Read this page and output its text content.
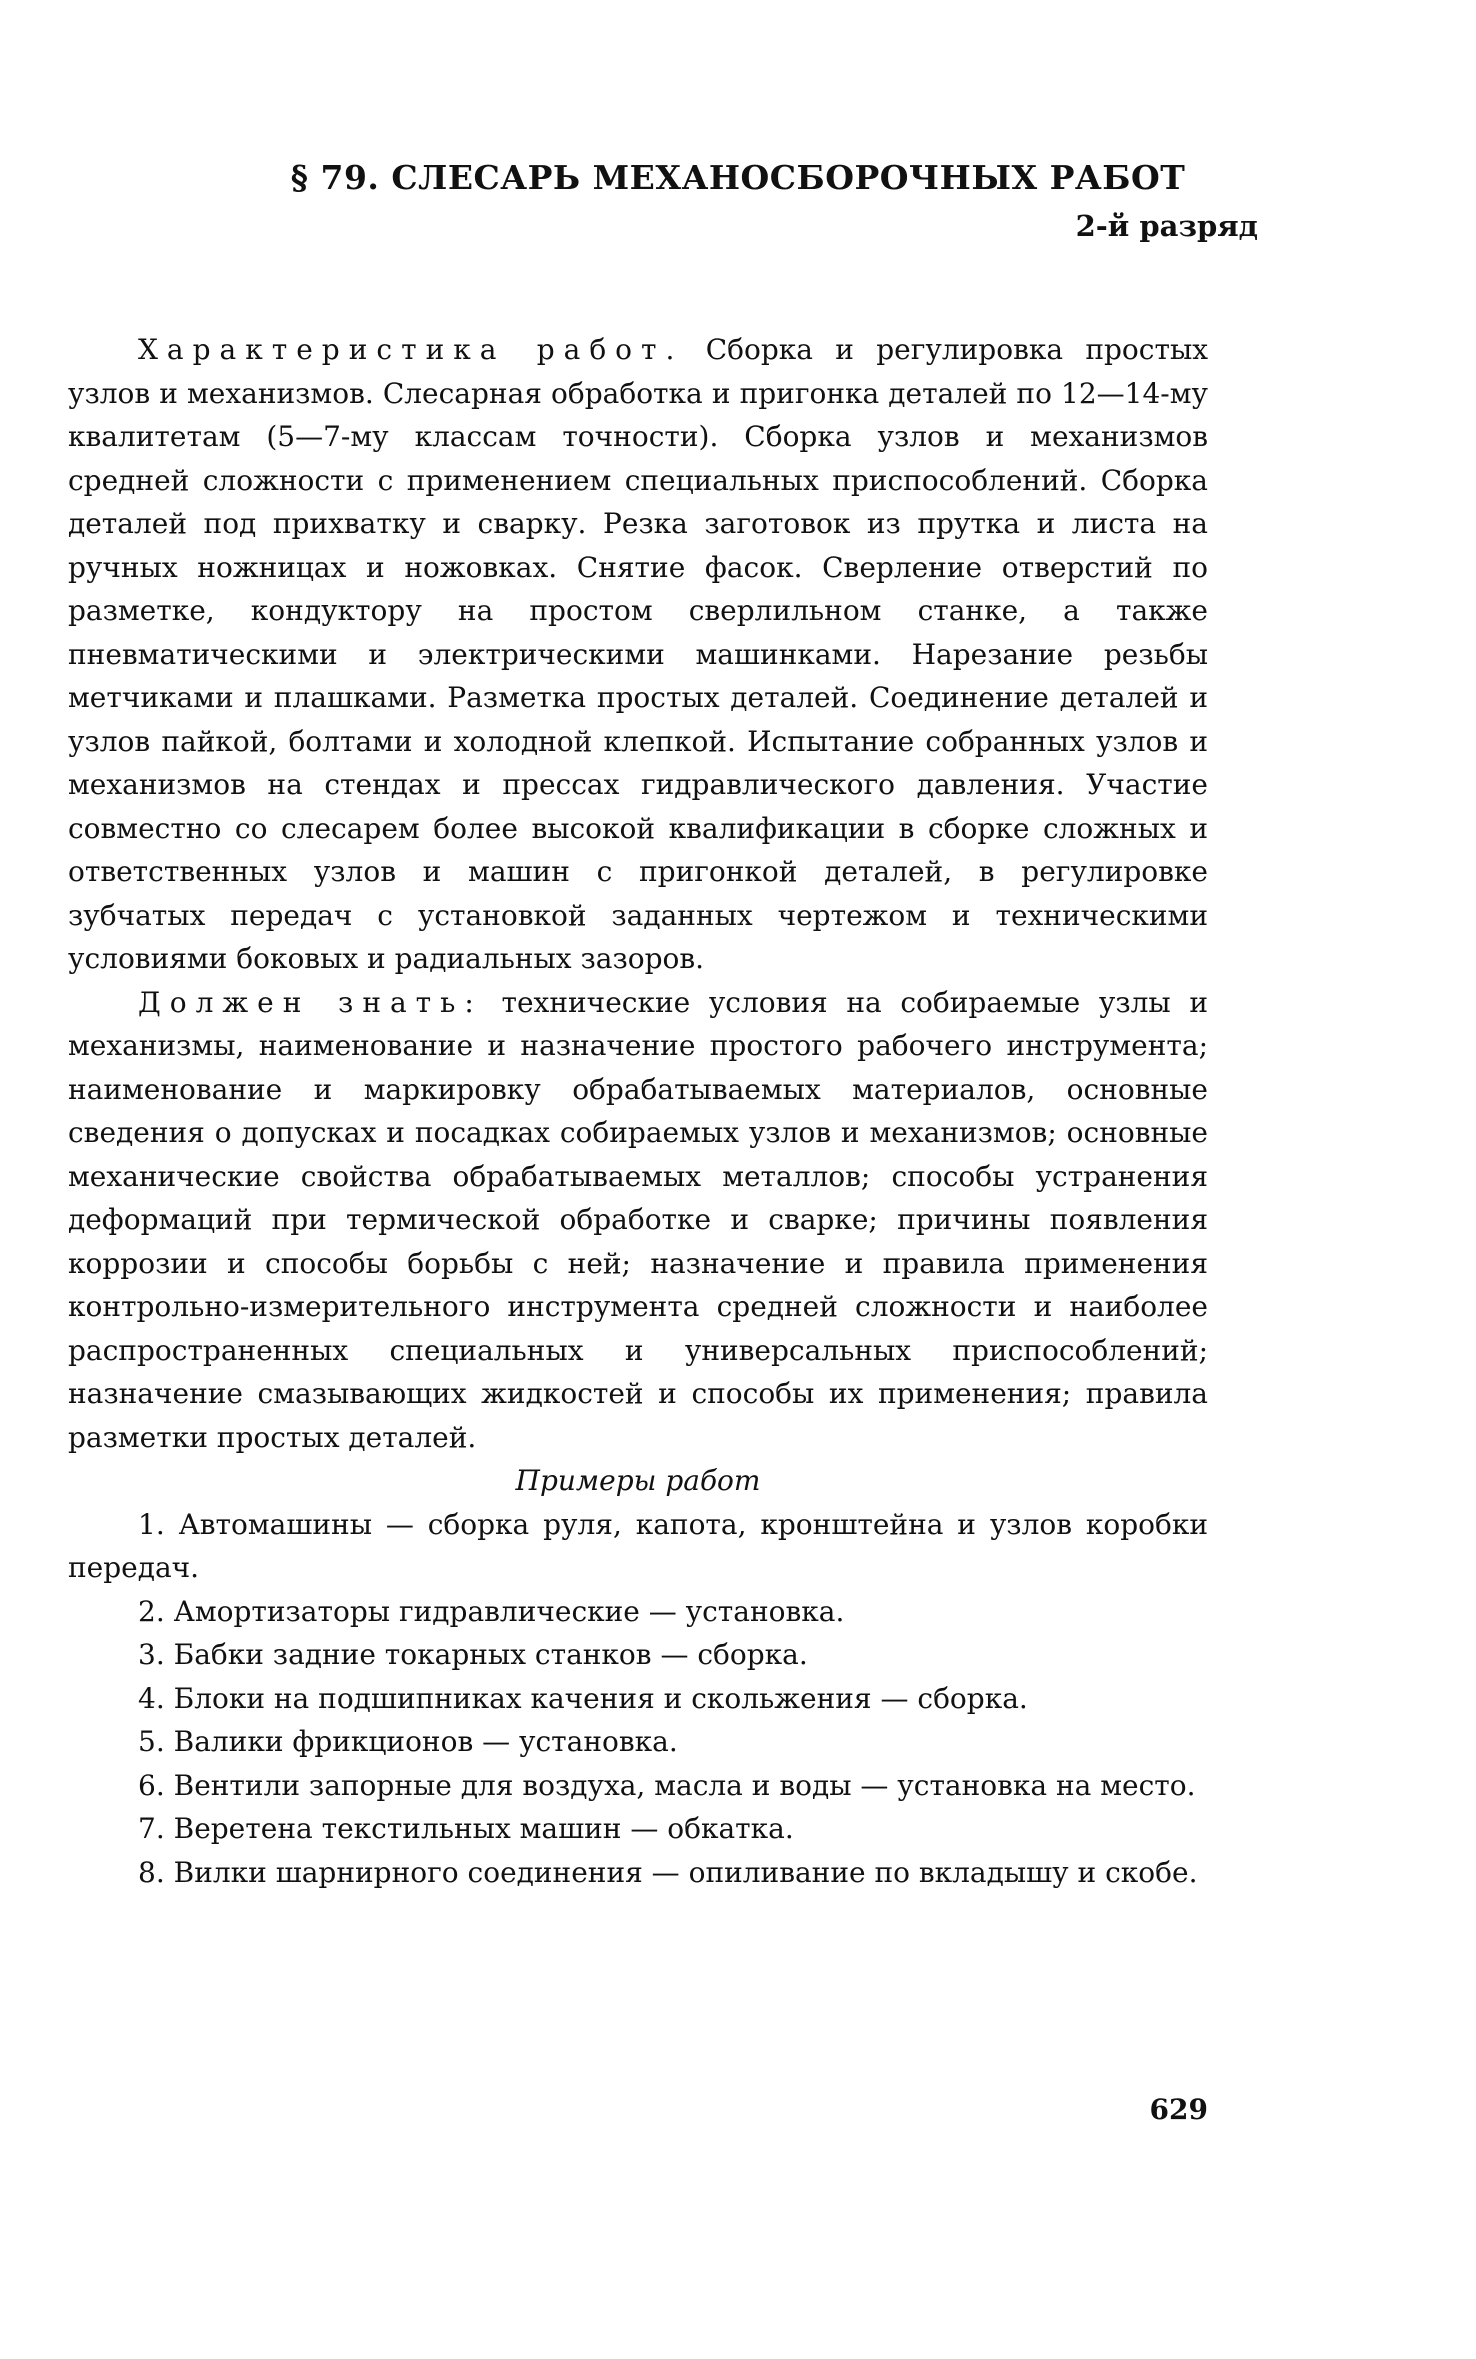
§ 79. СЛЕСАРЬ МЕХАНОСБОРОЧНЫХ РАБОТ
2-й разряд

Характеристика работ. Сборка и регулировка простых узлов и механизмов. Слесарная обработка и пригонка деталей по 12—14-му квалитетам (5—7-му классам точности). Сборка узлов и механизмов средней сложности с применением специальных приспособлений. Сборка деталей под прихватку и сварку. Резка заготовок из прутка и листа на ручных ножницах и ножовках. Снятие фасок. Сверление отверстий по разметке, кондуктору на простом сверлильном станке, а также пневматическими и электрическими машинками. Нарезание резьбы метчиками и плашками. Разметка простых деталей. Соединение деталей и узлов пайкой, болтами и холодной клепкой. Испытание собранных узлов и механизмов на стендах и прессах гидравлического давления. Участие совместно со слесарем более высокой квалификации в сборке сложных и ответственных узлов и машин с пригонкой деталей, в регулировке зубчатых передач с установкой заданных чертежом и техническими условиями боковых и радиальных зазоров.

Должен знать: технические условия на собираемые узлы и механизмы, наименование и назначение простого рабочего инструмента; наименование и маркировку обрабатываемых материалов, основные сведения о допусках и посадках собираемых узлов и механизмов; основные механические свойства обрабатываемых металлов; способы устранения деформаций при термической обработке и сварке; причины появления коррозии и способы борьбы с ней; назначение и правила применения контрольно-измерительного инструмента средней сложности и наиболее распространенных специальных и универсальных приспособлений; назначение смазывающих жидкостей и способы их применения; правила разметки простых деталей.

Примеры работ

1. Автомашины — сборка руля, капота, кронштейна и узлов коробки передач.

2. Амортизаторы гидравлические — установка.

3. Бабки задние токарных станков — сборка.

4. Блоки на подшипниках качения и скольжения — сборка.

5. Валики фрикционов — установка.

6. Вентили запорные для воздуха, масла и воды — установка на место.

7. Веретена текстильных машин — обкатка.

8. Вилки шарнирного соединения — опиливание по вкладышу и скобе.

629
